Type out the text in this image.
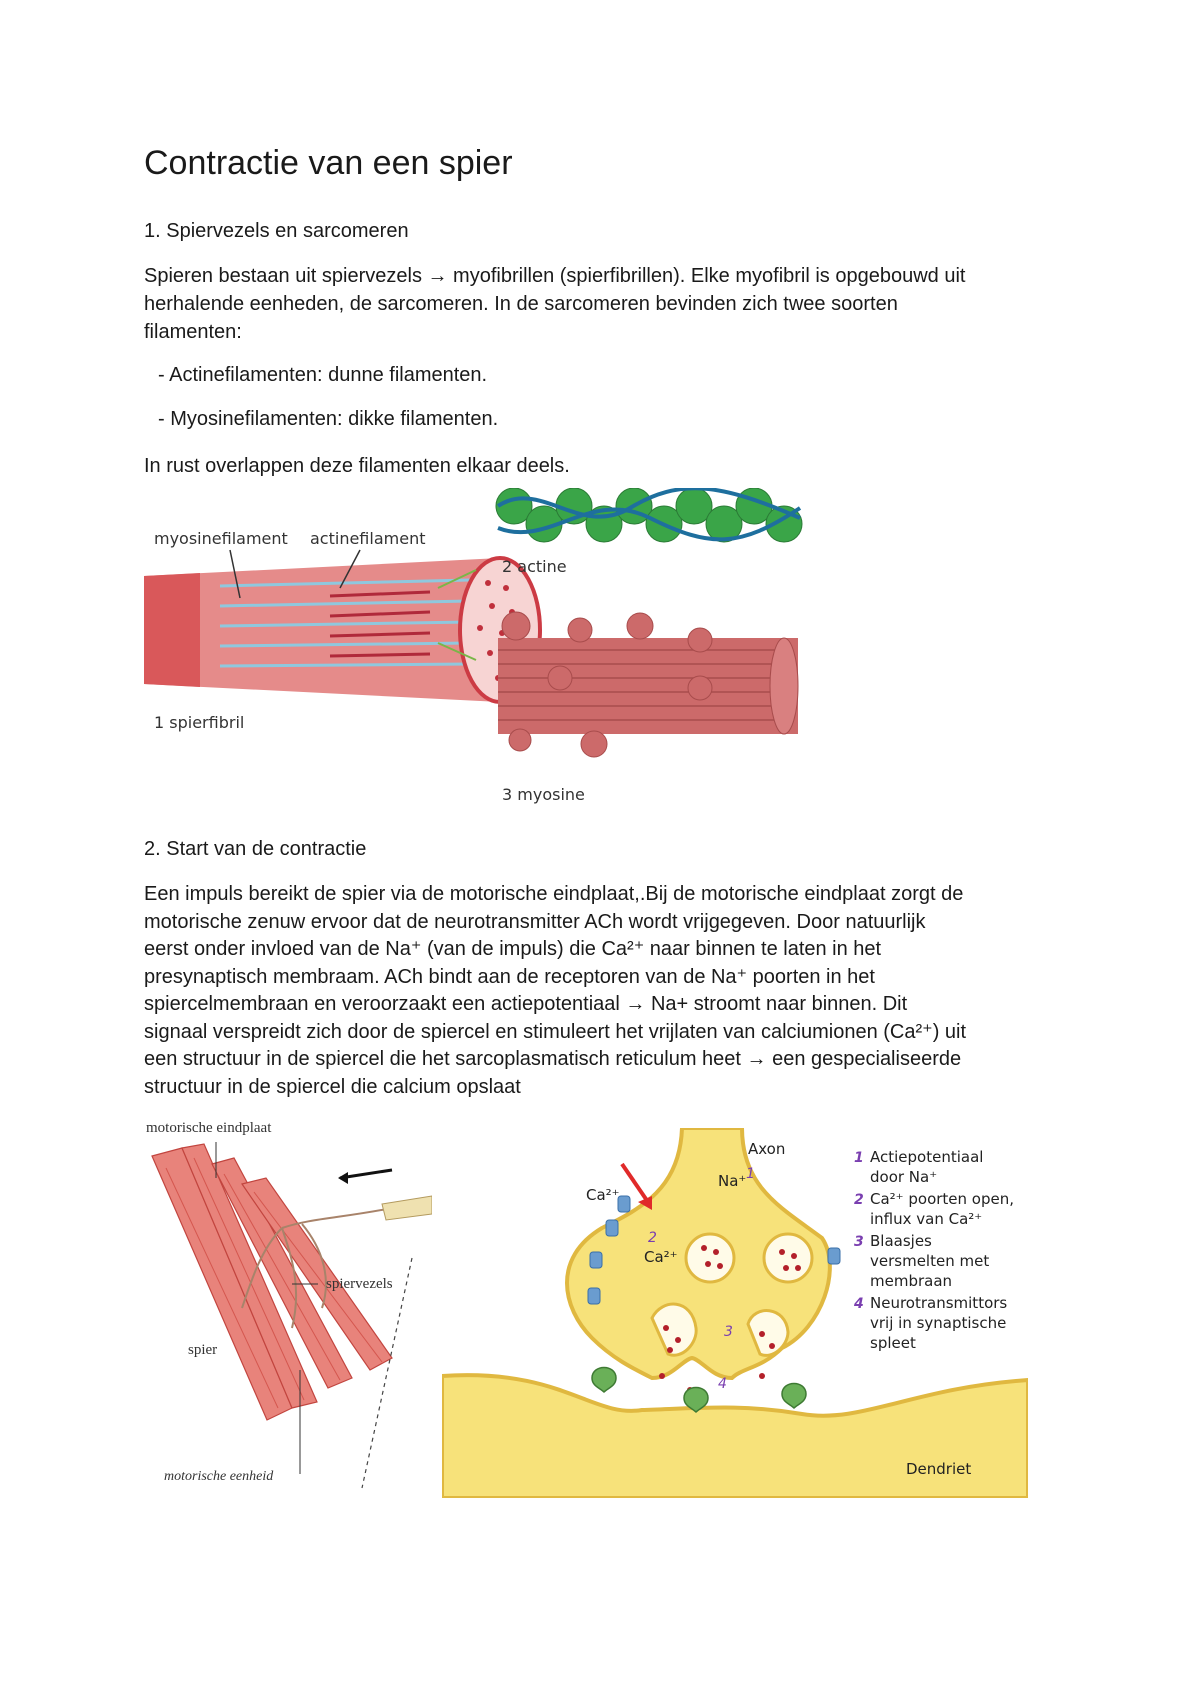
Contractie van een spier

1. Spiervezels en sarcomeren

Spieren bestaan uit spiervezels → myofibrillen (spierfibrillen). Elke myofibril is opgebouwd uit

herhalende eenheden, de sarcomeren. In de sarcomeren bevinden zich twee soorten

filamenten:

- Actinefilamenten: dunne filamenten.

- Myosinefilamenten: dikke filamenten.

In rust overlappen deze filamenten elkaar deels.

myosinefilament actinefilament
1 spierfibril
2 actine
3 myosine

2. Start van de contractie

Een impuls bereikt de spier via de motorische eindplaat,.Bij de motorische eindplaat zorgt de

motorische zenuw ervoor dat de neurotransmitter ACh wordt vrijgegeven. Door natuurlijk

eerst onder invloed van de Na⁺ (van de impuls) die Ca²⁺ naar binnen te laten in het

presynaptisch membraam. ACh bindt aan de receptoren van de Na⁺ poorten in het

spiercelmembraan en veroorzaakt een actiepotentiaal → Na+ stroomt naar binnen. Dit

signaal verspreidt zich door de spiercel en stimuleert het vrijlaten van calciumionen (Ca²⁺) uit

een structuur in de spiercel die het sarcoplasmatisch reticulum heet → een gespecialiseerde

structuur in de spiercel die calcium opslaat

motorische eindplaat
spiervezels
spier
motorische eenheid
Axon
Na⁺ 1
Ca²⁺
2
Ca²⁺
3
4
Dendriet
1 Actiepotentiaal
door Na⁺
2 Ca²⁺ poorten open,
influx van Ca²⁺
3 Blaasjes
versmelten met
membraan
4 Neurotransmittors
vrij in synaptische
spleet
